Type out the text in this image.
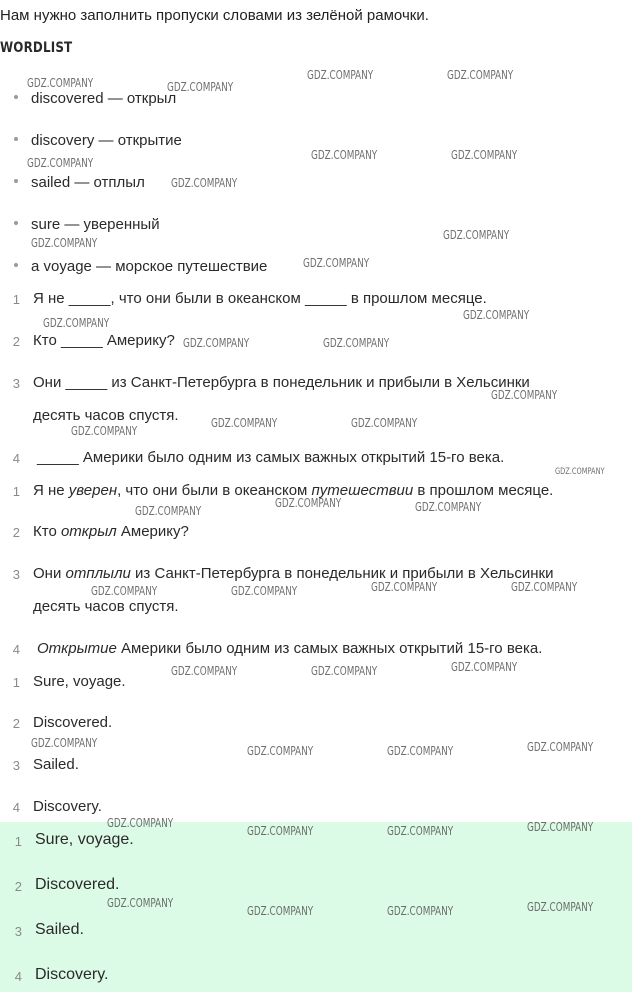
Нам нужно заполнить пропуски словами из зелёной рамочки.
WORDLIST
discovered — открыл
discovery — открытие
sailed — отплыл
sure — уверенный
a voyage — морское путешествие
1 Я не _____, что они были в океанском _____ в прошлом месяце.
2 Кто _____ Америку?
3 Они _____ из Санкт-Петербурга в понедельник и прибыли в Хельсинки
десять часов спустя.
4 _____ Америки было одним из самых важных открытий 15-го века.
1 Я не уверен, что они были в океанском путешествии в прошлом месяце.
2 Кто открыл Америку?
3 Они отплыли из Санкт-Петербурга в понедельник и прибыли в Хельсинки
десять часов спустя.
4 Открытие Америки было одним из самых важных открытий 15-го века.
1 Sure, voyage.
2 Discovered.
3 Sailed.
4 Discovery.
1 Sure, voyage.
2 Discovered.
3 Sailed.
4 Discovery.
GDZ.COMPANY	GDZ.COMPANY
GDZ.COMPANY	GDZ.COMPANY
GDZ.COMPANY
GDZ.COMPANY	GDZ.COMPANY
GDZ.COMPANY
GDZ.COMPANY
GDZ.COMPANY
GDZ.COMPANY
GDZ.COMPANY
GDZ.COMPANY
GDZ.COMPANY	GDZ.COMPANY
GDZ.COMPANY
GDZ.COMPANY	GDZ.COMPANY
GDZ.COMPANY
GDZ.COMPANY
GDZ.COMPANY	GDZ.COMPANY
GDZ.COMPANY
GDZ.COMPANY	GDZ.COMPANY
GDZ.COMPANY	GDZ.COMPANY
GDZ.COMPANY
GDZ.COMPANY	GDZ.COMPANY
GDZ.COMPANY	GDZ.COMPANY
GDZ.COMPANY	GDZ.COMPANY
GDZ.COMPANY	GDZ.COMPANY
GDZ.COMPANY	GDZ.COMPANY
GDZ.COMPANY	GDZ.COMPANY
GDZ.COMPANY	GDZ.COMPANY
